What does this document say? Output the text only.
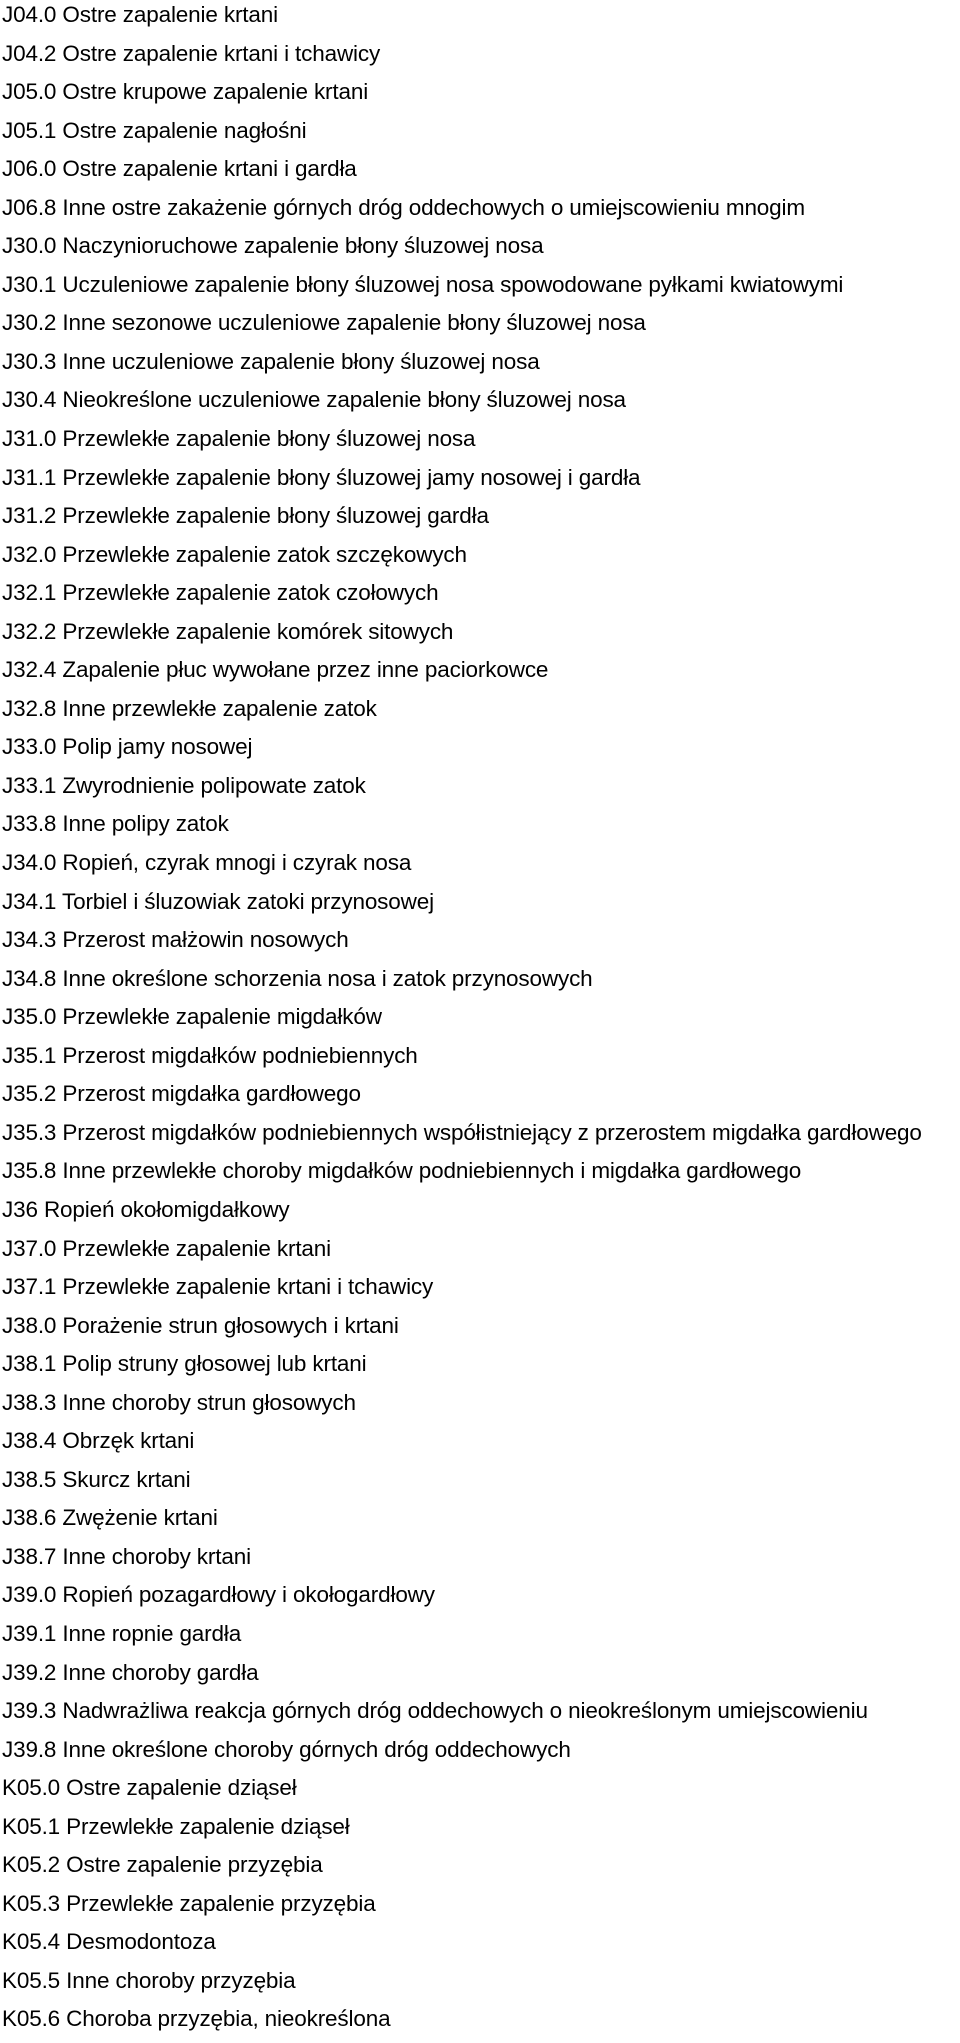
J04.0 Ostre zapalenie krtani
J04.2 Ostre zapalenie krtani i tchawicy
J05.0 Ostre krupowe zapalenie krtani
J05.1 Ostre zapalenie nagłośni
J06.0 Ostre zapalenie krtani i gardła
J06.8 Inne ostre zakażenie górnych dróg oddechowych o umiejscowieniu mnogim
J30.0 Naczynioruchowe zapalenie błony śluzowej nosa
J30.1 Uczuleniowe zapalenie błony śluzowej nosa spowodowane pyłkami kwiatowymi
J30.2 Inne sezonowe uczuleniowe zapalenie błony śluzowej nosa
J30.3 Inne uczuleniowe zapalenie błony śluzowej nosa
J30.4 Nieokreślone uczuleniowe zapalenie błony śluzowej nosa
J31.0 Przewlekłe zapalenie błony śluzowej nosa
J31.1 Przewlekłe zapalenie błony śluzowej jamy nosowej i gardła
J31.2 Przewlekłe zapalenie błony śluzowej gardła
J32.0 Przewlekłe zapalenie zatok szczękowych
J32.1 Przewlekłe zapalenie zatok czołowych
J32.2 Przewlekłe zapalenie komórek sitowych
J32.4 Zapalenie płuc wywołane przez inne paciorkowce
J32.8 Inne przewlekłe zapalenie zatok
J33.0 Polip jamy nosowej
J33.1 Zwyrodnienie polipowate zatok
J33.8 Inne polipy zatok
J34.0 Ropień, czyrak mnogi i czyrak nosa
J34.1 Torbiel i śluzowiak zatoki przynosowej
J34.3 Przerost małżowin nosowych
J34.8 Inne określone schorzenia nosa i zatok przynosowych
J35.0 Przewlekłe zapalenie migdałków
J35.1 Przerost migdałków podniebiennych
J35.2 Przerost migdałka gardłowego
J35.3 Przerost migdałków podniebiennych współistniejący z przerostem migdałka gardłowego
J35.8 Inne przewlekłe choroby migdałków podniebiennych i migdałka gardłowego
J36 Ropień okołomigdałkowy
J37.0 Przewlekłe zapalenie krtani
J37.1 Przewlekłe zapalenie krtani i tchawicy
J38.0 Porażenie strun głosowych i krtani
J38.1 Polip struny głosowej lub krtani
J38.3 Inne choroby strun głosowych
J38.4 Obrzęk krtani
J38.5 Skurcz krtani
J38.6 Zwężenie krtani
J38.7 Inne choroby krtani
J39.0 Ropień pozagardłowy i okołogardłowy
J39.1 Inne ropnie gardła
J39.2 Inne choroby gardła
J39.3 Nadwrażliwa reakcja górnych dróg oddechowych o nieokreślonym umiejscowieniu
J39.8 Inne określone choroby górnych dróg oddechowych
K05.0 Ostre zapalenie dziąseł
K05.1 Przewlekłe zapalenie dziąseł
K05.2 Ostre zapalenie przyzębia
K05.3 Przewlekłe zapalenie przyzębia
K05.4 Desmodontoza
K05.5 Inne choroby przyzębia
K05.6 Choroba przyzębia, nieokreślona
